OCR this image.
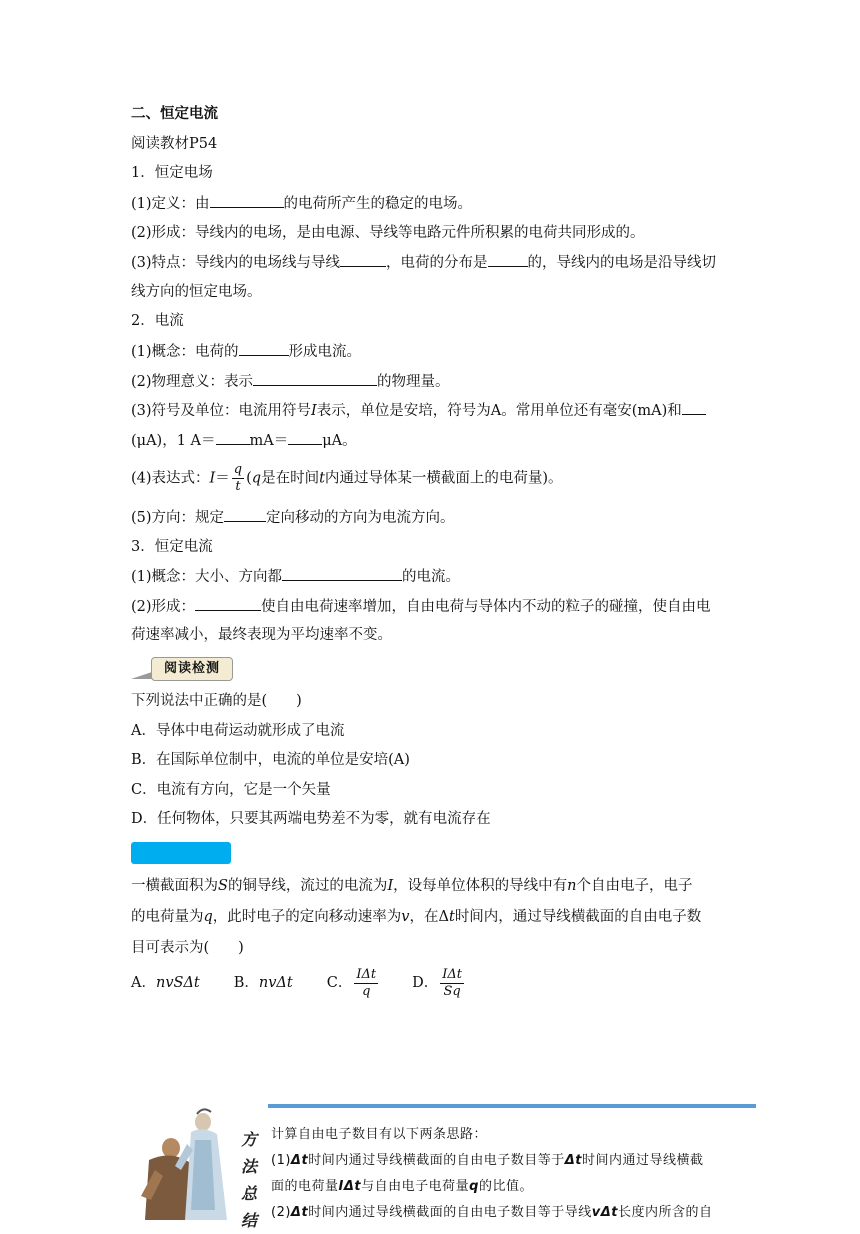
二、恒定电流
阅读教材P54
1．恒定电场
(1)定义：由	的电荷所产生的稳定的电场。
(2)形成：导线内的电场，是由电源、导线等电路元件所积累的电荷共同形成的。
(3)特点：导线内的电场线与导线	，电荷的分布是	的，导线内的电场是沿导线切
线方向的恒定电场。
2．电流
(1)概念：电荷的	形成电流。
(2)物理意义：表示	的物理量。
(3)符号及单位：电流用符号I表示，单位是安培，符号为A。常用单位还有毫安(mA)和
(μA)，1 A＝ mA＝ μA。
(4)表达式：$I= \frac{q}{t} (q$是在时间t内通过导体某一横截面上的电荷量)。
(5)方向：规定	定向移动的方向为电流方向。
3．恒定电流
(1)概念：大小、方向都	的电流。
(2)形成：	使自由电荷速率增加，自由电荷与导体内不动的粒子的碰撞，使自由电
荷速率减小，最终表现为平均速率不变。
阅读检测
下列说法中正确的是(　　)
A．导体中电荷运动就形成了电流
B．在国际单位制中，电流的单位是安培(A)
C．电流有方向，它是一个矢量
D．任何物体，只要其两端电势差不为零，就有电流存在
一横截面积为S的铜导线，流过的电流为I，设每单位体积的导线中有n个自由电子，电子
的电荷量为q，此时电子的定向移动速率为v，在Δt时间内，通过导线横截面的自由电子数
目可表示为(　　)
A．nvSΔt B．nvΔt C． $\frac{\text{IΔt}}{q}$ D． $\frac{\text{IΔt}}{Sq}$
方
法
总
结

计算自由电子数目有以下两条思路：

(1)Δt时间内通过导线横截面的自由电子数目等于Δt时间内通过导线横截

面的电荷量IΔt与自由电子电荷量q的比值。

(2)Δt时间内通过导线横截面的自由电子数目等于导线vΔt长度内所含的自
